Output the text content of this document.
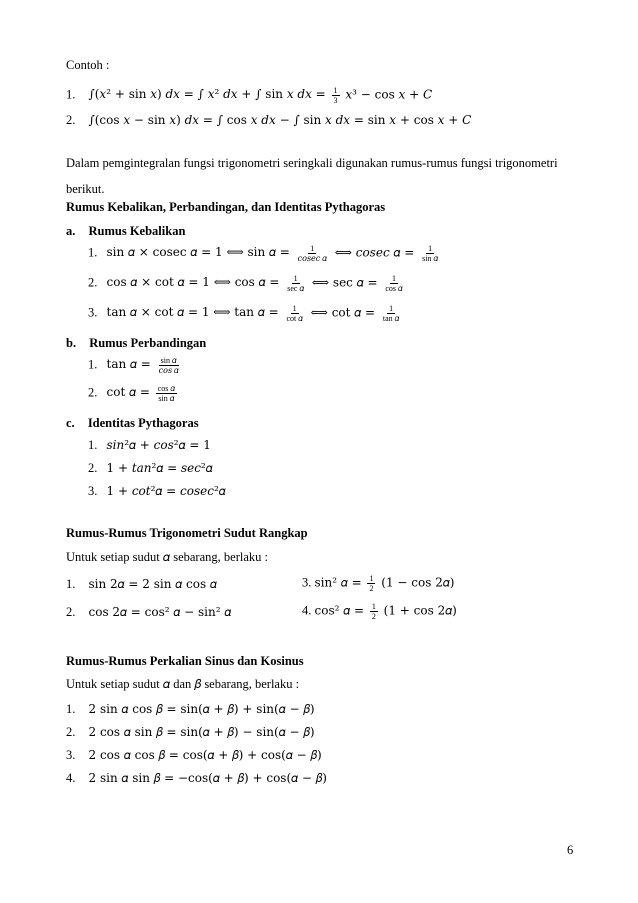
Contoh :
1. ∫(𝑥² + sin 𝑥) 𝑑𝑥 = ∫ 𝑥² 𝑑𝑥 + ∫ sin 𝑥 𝑑𝑥 = $\frac{1}{3}$ 𝑥³ − cos 𝑥 + 𝐶
2. ∫(cos 𝑥 − sin 𝑥) 𝑑𝑥 = ∫ cos 𝑥 𝑑𝑥 − ∫ sin 𝑥 𝑑𝑥 = sin 𝑥 + cos 𝑥 + 𝐶
Dalam pemgintegralan fungsi trigonometri seringkali digunakan rumus-rumus fungsi trigonometri berikut.
Rumus Kebalikan, Perbandingan, dan Identitas Pythagoras
a. Rumus Kebalikan
1. sin 𝛼 × cosec 𝛼 = 1 ⟺ sin 𝛼 = $\frac{1}{\text{𝑐𝑜𝑠𝑒𝑐 𝛼}}$ ⟺ 𝑐𝑜𝑠𝑒𝑐 𝛼 = $\frac{1}{\text{sin 𝛼}}$
2. cos 𝛼 × cot 𝛼 = 1 ⟺ cos 𝛼 = $\frac{1}{\text{sec 𝛼}}$ ⟺ sec 𝛼 = $\frac{1}{\text{cos 𝛼}}$
3. tan 𝛼 × cot 𝛼 = 1 ⟺ tan 𝛼 = $\frac{1}{\text{cot 𝛼}}$ ⟺ cot 𝛼 = $\frac{1}{\text{tan 𝛼}}$
b. Rumus Perbandingan
1. tan 𝛼 = $\frac{\text{sin 𝛼}}{\text{𝑐𝑜𝑠 𝛼}}$
2. cot 𝛼 = $\frac{\text{cos 𝛼}}{\text{sin 𝛼}}$
c. Identitas Pythagoras
1. 𝑠𝑖𝑛²𝛼 + 𝑐𝑜𝑠²𝛼 = 1
2. 1 + 𝑡𝑎𝑛²𝛼 = 𝑠𝑒𝑐²𝛼
3. 1 + 𝑐𝑜𝑡²𝛼 = 𝑐𝑜𝑠𝑒𝑐²𝛼
Rumus-Rumus Trigonometri Sudut Rangkap
Untuk setiap sudut 𝛼 sebarang, berlaku :
1. sin 2𝛼 = 2 sin 𝛼 cos 𝛼	3. sin² 𝛼 = $\frac{1}{2} (1 - \cos$ 2𝛼)
2. cos 2𝛼 = cos² 𝛼 − sin² 𝛼	4. cos² 𝛼 = $\frac{1}{2} (1 + \cos$ 2𝛼)
Rumus-Rumus Perkalian Sinus dan Kosinus
Untuk setiap sudut 𝛼 dan 𝛽 sebarang, berlaku :
1. 2 sin 𝛼 cos 𝛽 = sin(𝛼 + 𝛽) + sin(𝛼 − 𝛽)
2. 2 cos 𝛼 sin 𝛽 = sin(𝛼 + 𝛽) − sin(𝛼 − 𝛽)
3. 2 cos 𝛼 cos 𝛽 = cos(𝛼 + 𝛽) + cos(𝛼 − 𝛽)
4. 2 sin 𝛼 sin 𝛽 = −cos(𝛼 + 𝛽) + cos(𝛼 − 𝛽)
6
